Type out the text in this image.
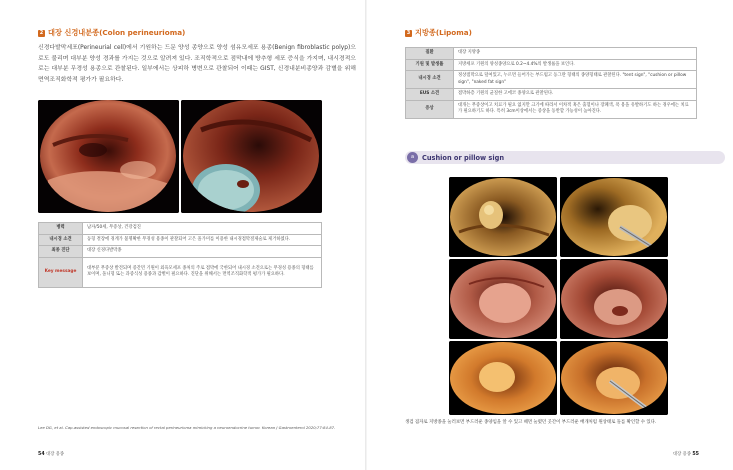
2 대장 신경내분종(Colon perineurioma)
신경다발막세포(Perineurial cell)에서 기원하는 드문 양성 종양으로 양성 섬유모세포 용종(Benign fibroblastic polyp)으로도 불리며 대부분 양성 경과를 가지는 것으로 알려져 있다. 조직학적으로 점막내에 방추형 세포 증식을 가지며, 내시경적으로는 대부분 무경성 용종으로 관찰된다. 일부에서는 상피하 병변으로 관찰되어 이때는 GIST, 신경내분비종양과 감별을 위해 면역조직화학적 평가가 필요하다.
병력	남자/50세, 무증상, 건강검진
내시경 소견	동형 결장에 경계가 불명확한 무경성 용종이 관찰되어 고은 올가미를 이용한 내시경점막절제술로 제거하였다.
최종 진단	대장 신경다발막종
Key message	대부분 무증상 발견되며 증간먼 기원이 외육모세포 종처의 주로 점막에 국한되어 내시경 소견으로는 무경성 용종의 형태를 보이며, 돌니형 또는 과증식성 용종과 감별이 필요하다. 진단을 위해서는 면역조직화학적 평가가 필요하다.
Lee DG, et al. Cap-assisted endoscopic mucosal resection of rectal perineurioma mimicking a neuroendocrine tumor. Korean J Gastroenterol 2020;77:84-87.
54 대장 용종
3 지방종(Lipoma)
질환	대장 지방종
기원 및 발생률	지방세포 기원의 양성종양으로 0.2~4.4%의 발생률을 보인다.
내시경 소견	정상점막으로 덮여있고, 누르면 들어가는 부드럽고 동그란 형태의 종양형태로 관찰된다. "tent sign", "cushion or pillow sign", "naked fat sign"
EUS 소견	점막하층 기원의 균질한 고에코 종양으로 관찰된다.
증상	대개는 무증상이고 치료가 필요 없지만 크기에 따라서 이차적 혹은 출혈이나 장폐색, 폭 용을 유발하기도 하는 경우에는 치료가 필요하기도 하다. 특히 3cm이상에서는 증상을 동반할 가능성이 높아진다.
a	Cushion or pillow sign
생검 겸자로 지방종을 눌러보면 부드러운 종양임을 알 수 있고 떼면 눌렸던 곳간이 부드러운 배개처럼 원상태로 돌를 확인할 수 있다.
대장 용종 55
